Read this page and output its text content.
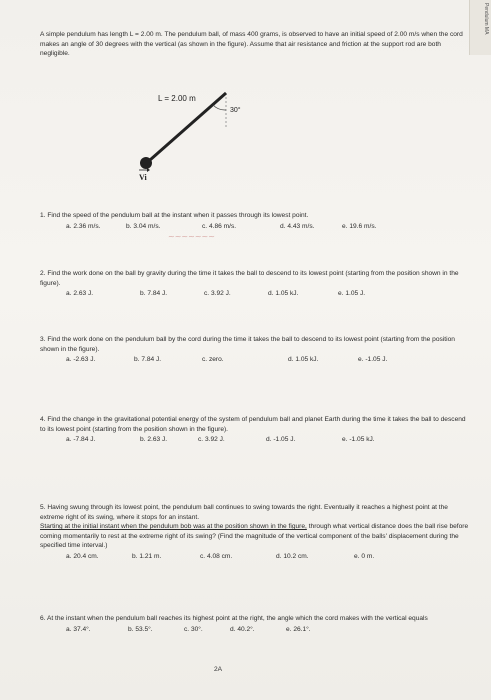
Pendulum MA
A simple pendulum has length L = 2.00 m. The pendulum ball, of mass 400 grams, is observed to have an initial speed of 2.00 m/s when the cord makes an angle of 30 degrees with the vertical (as shown in the figure). Assume that air resistance and friction at the support rod are both negligible.
L = 2.00 m
30°
Vi
1. Find the speed of the pendulum ball at the instant when it passes through its lowest point.
a. 2.36 m/s.	b. 3.04 m/s.	c. 4.86 m/s.	d. 4.43 m/s.	e. 19.6 m/s.
~~~~~~~
2. Find the work done on the ball by gravity during the time it takes the ball to descend to its lowest point (starting from the position shown in the figure).
a. 2.63 J.	b. 7.84 J.	c. 3.92 J.	d. 1.05 kJ.	e. 1.05 J.
3. Find the work done on the pendulum ball by the cord during the time it takes the ball to descend to its lowest point (starting from the position shown in the figure).
a. -2.63 J.	b. 7.84 J.	c. zero.	d. 1.05 kJ.	e. -1.05 J.
4. Find the change in the gravitational potential energy of the system of pendulum ball and planet Earth during the time it takes the ball to descend to its lowest point (starting from the position shown in the figure).
a. -7.84 J.	b. 2.63 J.	c. 3.92 J.	d. -1.05 J.	e. -1.05 kJ.
5. Having swung through its lowest point, the pendulum ball continues to swing towards the right. Eventually it reaches a highest point at the extreme right of its swing, where it stops for an instant.
Starting at the initial instant when the pendulum bob was at the position shown in the figure, through what vertical distance does the ball rise before coming momentarily to rest at the extreme right of its swing? (Find the magnitude of the vertical component of the balls' displacement during the specified time interval.)
a. 20.4 cm.	b. 1.21 m.	c. 4.08 cm.	d. 10.2 cm.	e. 0 m.
6. At the instant when the pendulum ball reaches its highest point at the right, the angle which the cord makes with the vertical equals
a. 37.4°.	b. 53.5°.	c. 30°.	d. 40.2°.	e. 26.1°.
2A
